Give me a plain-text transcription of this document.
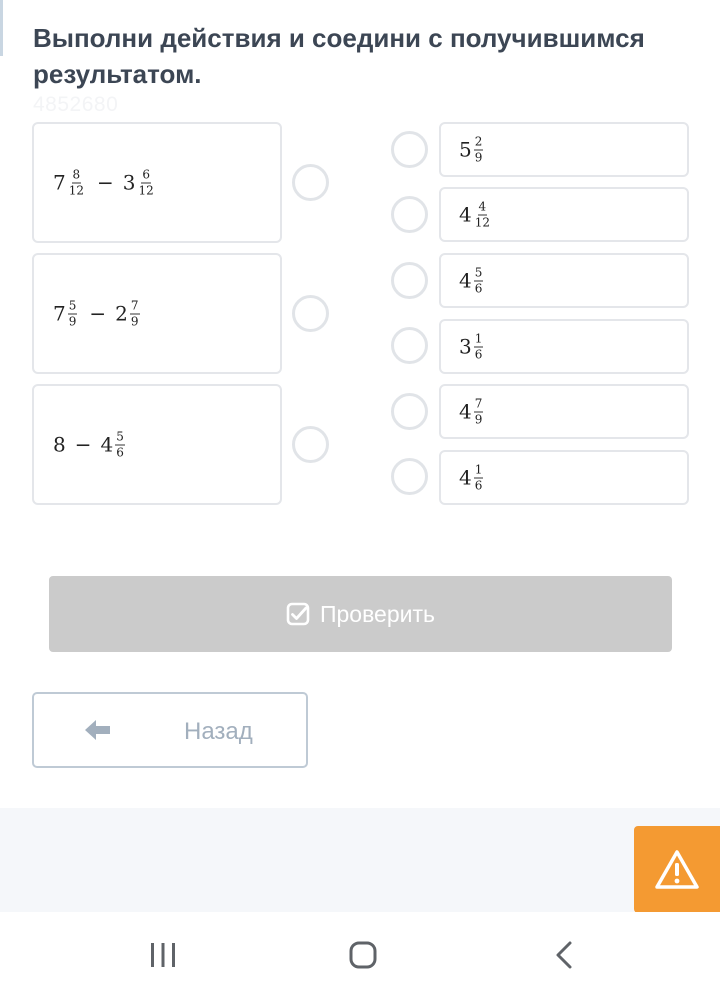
Выполни действия и соедини с получившимся результатом.
4852680
$7 \frac{8}{12} - 3 \frac{6}{12}$
$7 \frac{5}{9} - 2 \frac{7}{9}$
$8 - 4 \frac{5}{6}$
$5 \frac{2}{9}$
$4 \frac{4}{12}$
$4 \frac{5}{6}$
$3 \frac{1}{6}$
$4 \frac{7}{9}$
$4 \frac{1}{6}$
Проверить
Назад
